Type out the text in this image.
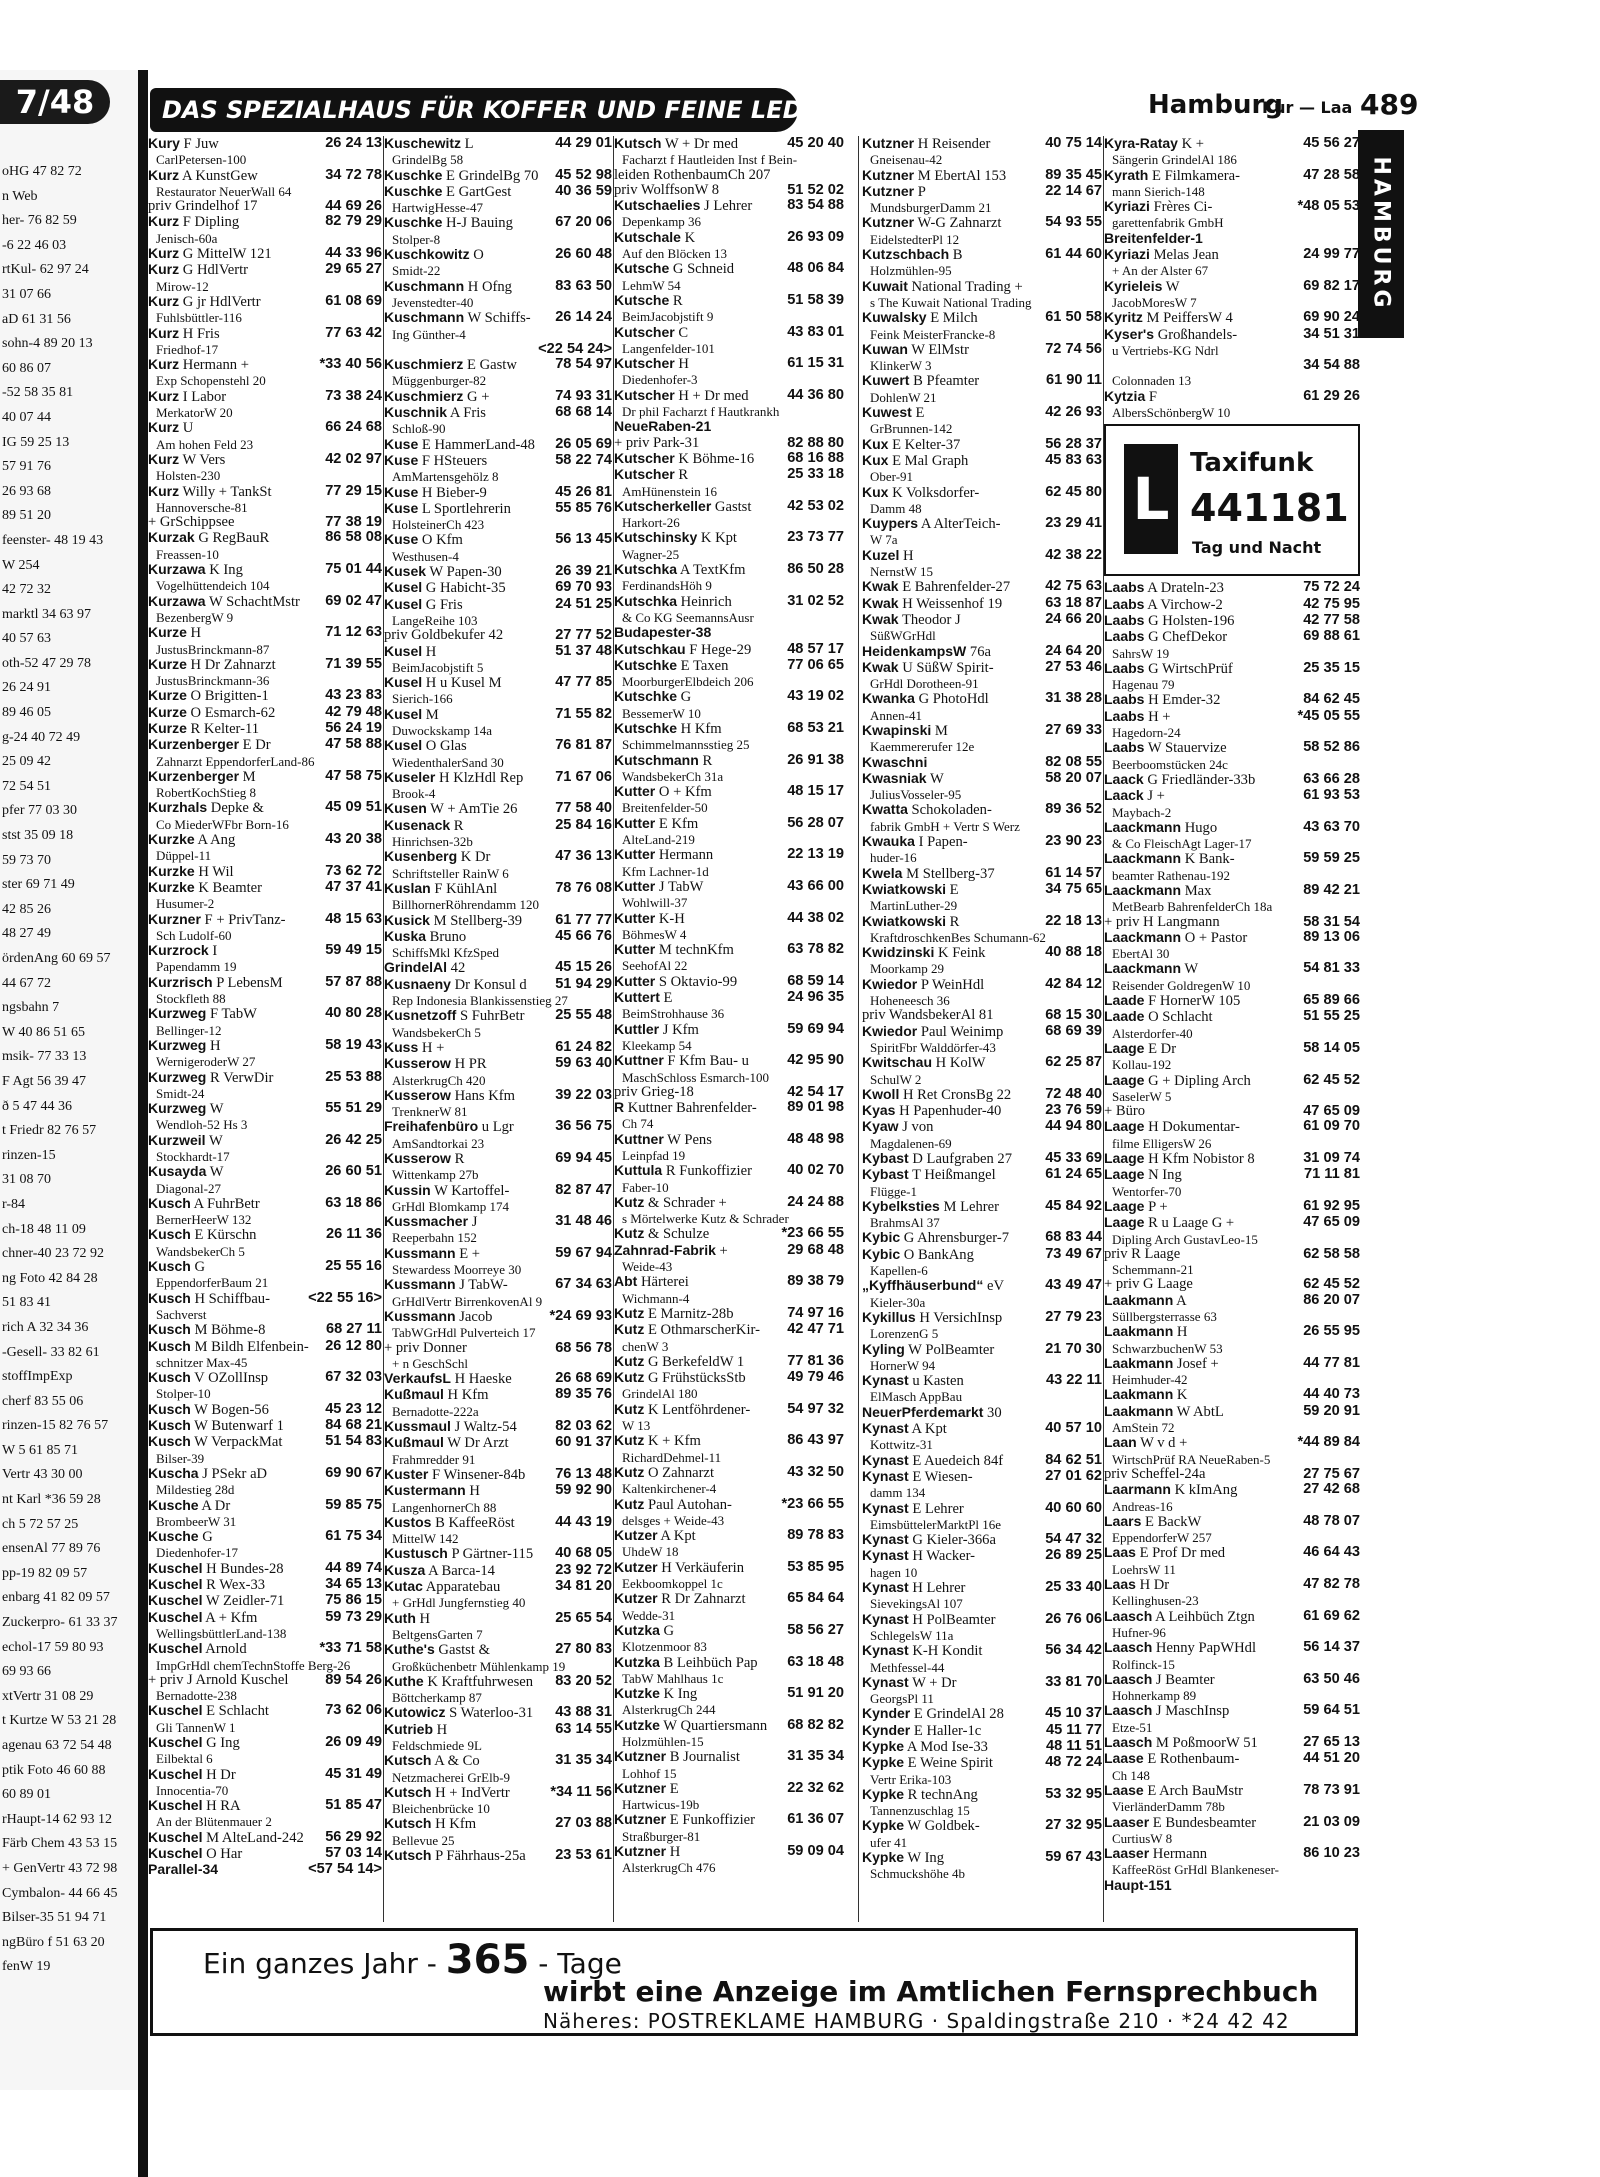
7/48
oHG 47 82 72
n Web
her- 76 82 59
-6 22 46 03
rtKul- 62 97 24
31 07 66
aD 61 31 56
sohn-4 89 20 13
60 86 07
-52 58 35 81
40 07 44
IG 59 25 13
57 91 76
26 93 68
89 51 20
feenster- 48 19 43
W 254
42 72 32
marktl 34 63 97
40 57 63
oth-52 47 29 78
26 24 91
89 46 05
g-24 40 72 49
25 09 42
72 54 51
pfer 77 03 30
stst 35 09 18
59 73 70
ster 69 71 49
42 85 26
48 27 49
ördenAng 60 69 57
44 67 72
ngsbahn 7
W 40 86 51 65
msik- 77 33 13
F Agt 56 39 47
ð 5 47 44 36
t Friedr 82 76 57
rinzen-15
31 08 70
r-84
ch-18 48 11 09
chner-40 23 72 92
ng Foto 42 84 28
51 83 41
rich A 32 34 36
-Gesell- 33 82 61
stoffImpExp
cherf 83 55 06
rinzen-15 82 76 57
W 5 61 85 71
Vertr 43 30 00
nt Karl *36 59 28
ch 5 72 57 25
ensenAl 77 89 76
pp-19 82 09 57
enbarg 41 82 09 57
Zuckerpro- 61 33 37
echol-17 59 80 93
69 93 66
xtVertr 31 08 29
t Kurtze W 53 21 28
agenau 63 72 54 48
ptik Foto 46 60 88
60 89 01
rHaupt-14 62 93 12
Färb Chem 43 53 15
+ GenVertr 43 72 98
Cymbalon- 44 66 45
Bilser-35 51 94 71
ngBüro f 51 63 20
fenW 19
DAS SPEZIALHAUS FÜR KOFFER UND FEINE LEDERWAREN	Hamburg
Kur — Laa 489
HAMBURG
Kury F Juw	26 24 13
CarlPetersen-100
Kurz A KunstGew	34 72 78
Restaurator NeuerWall 64
priv Grindelhof 17	44 69 26
Kurz F Dipling	82 79 29
Jenisch-60a
Kurz G MittelW 121	44 33 96
Kurz G HdlVertr	29 65 27
Mirow-12
Kurz G jr HdlVertr	61 08 69
Fuhlsbüttler-116
Kurz H Fris	77 63 42
Friedhof-17
Kurz Hermann +	*33 40 56
Exp Schopenstehl 20
Kurz I Labor	73 38 24
MerkatorW 20
Kurz U	66 24 68
Am hohen Feld 23
Kurz W Vers	42 02 97
Holsten-230
Kurz Willy + TankSt	77 29 15
Hannoversche-81
+ GrSchippsee	77 38 19
Kurzak G RegBauR	86 58 08
Freassen-10
Kurzawa K Ing	75 01 44
Vogelhüttendeich 104
Kurzawa W SchachtMstr 69 02 47
BezenbergW 9
Kurze H	71 12 63
JustusBrinckmann-87
Kurze H Dr Zahnarzt	71 39 55
JustusBrinckmann-36
Kurze O Brigitten-1	43 23 83
Kurze O Esmarch-62	42 79 48
Kurze R Kelter-11	56 24 19
Kurzenberger E Dr	47 58 88
Zahnarzt EppendorferLand-86
Kurzenberger M	47 58 75
RobertKochStieg 8
Kurzhals Depke &	45 09 51
Co MiederWFbr Born-16
Kurzke A Ang	43 20 38
Düppel-11
Kurzke H Wil	73 62 72
Kurzke K Beamter	47 37 41
Husumer-2
Kurzner F + PrivTanz-	48 15 63
Sch Ludolf-60
Kurzrock I	59 49 15
Papendamm 19
Kurzrisch P LebensM	57 87 88
Stockfleth 88
Kurzweg F TabW	40 80 28
Bellinger-12
Kurzweg H	58 19 43
WernigeroderW 27
Kurzweg R VerwDir	25 53 88
Smidt-24
Kurzweg W	55 51 29
Wendloh-52 Hs 3
Kurzweil W	26 42 25
Stockhardt-17
Kusayda W	26 60 51
Diagonal-27
Kusch A FuhrBetr	63 18 86
BernerHeerW 132
Kusch E Kürschn	26 11 36
WandsbekerCh 5
Kusch G	25 55 16
EppendorferBaum 21
Kusch H Schiffbau-	<22 55 16>
Sachverst
Kusch M Böhme-8	68 27 11
Kusch M Bildh Elfenbein- 26 12 80
schnitzer Max-45
Kusch V OZollInsp	67 32 03
Stolper-10
Kusch W Bogen-56	45 23 12
Kusch W Butenwarf 1	84 68 21
Kusch W VerpackMat	51 54 83
Bilser-39
Kuscha J PSekr aD	69 90 67
Mildestieg 28d
Kusche A Dr	59 85 75
BrombeerW 31
Kusche G	61 75 34
Diedenhofer-17
Kuschel H Bundes-28	44 89 74
Kuschel R Wex-33	34 65 13
Kuschel W Zeidler-71	75 86 15
Kuschel A + Kfm	59 73 29
WellingsbüttlerLand-138
Kuschel Arnold	*33 71 58
ImpGrHdl chemTechnStoffe Berg-26
+ priv J Arnold Kuschel	89 54 26
Bernadotte-238
Kuschel E Schlacht	73 62 06
Gli TannenW 1
Kuschel G Ing	26 09 49
Eilbektal 6
Kuschel H Dr	45 31 49
Innocentia-70
Kuschel H RA	51 85 47
An der Blütenmauer 2
Kuschel M AlteLand-242 56 29 92
Kuschel O Har	57 03 14
Parallel-34	<57 54 14>
Kuschewitz L	44 29 01
GrindelBg 58
Kuschke E GrindelBg 70 45 52 98
Kuschke E GartGest	40 36 59
HartwigHesse-47
Kuschke H-J Bauing	67 20 06
Stolper-8
Kuschkowitz O	26 60 48
Smidt-22
Kuschmann H Ofng	83 63 50
Jevenstedter-40
Kuschmann W Schiffs- 26 14 24
Ing Günther-4
<22 54 24>
Kuschmierz E Gastw	78 54 97
Müggenburger-82
Kuschmierz G +	74 93 31
Kuschnik A Fris	68 68 14
Schloß-90
Kuse E HammerLand-48 26 05 69
Kuse F HSteuers	58 22 74
AmMartensgehölz 8
Kuse H Bieber-9	45 26 81
Kuse L Sportlehrerin	55 85 76
HolsteinerCh 423
Kuse O Kfm	56 13 45
Westhusen-4
Kusek W Papen-30	26 39 21
Kusel G Habicht-35	69 70 93
Kusel G Fris	24 51 25
LangeReihe 103
priv Goldbekufer 42	27 77 52
Kusel H	51 37 48
BeimJacobjstift 5
Kusel H u Kusel M	47 77 85
Sierich-166
Kusel M	71 55 82
Duwockskamp 14a
Kusel O Glas	76 81 87
WiedenthalerSand 30
Kuseler H KlzHdl Rep 71 67 06
Brook-4
Kusen W + AmTie 26	77 58 40
Kusenack R	25 84 16
Hinrichsen-32b
Kusenberg K Dr	47 36 13
Schriftsteller RainW 6
Kuslan F KühlAnl	78 76 08
BillhornerRöhrendamm 120
Kusick M Stellberg-39 61 77 77
Kuska Bruno	45 66 76
SchiffsMkl KfzSped
GrindelAl 42	45 15 26
Kusnaeny Dr Konsul d 51 94 29
Rep Indonesia Blankissenstieg 27
Kusnetzoff S FuhrBetr 25 55 48
WandsbekerCh 5
Kuss H +	61 24 82
Kusserow H PR	59 63 40
AlsterkrugCh 420
Kusserow Hans Kfm	39 22 03
TrenknerW 81
Freihafenbüro u Lgr	36 56 75
AmSandtorkai 23
Kusserow R	69 94 45
Wittenkamp 27b
Kussin W Kartoffel-	82 87 47
GrHdl Blomkamp 174
Kussmacher J	31 48 46
Reeperbahn 152
Kussmann E +	59 67 94
Stewardess Moorreye 30
Kussmann J TabW-	67 34 63
GrHdlVertr BirrenkovenAl 9
Kussmann Jacob	*24 69 93
TabWGrHdl Pulverteich 17
+ priv Donner	68 56 78
+ n GeschSchl
VerkaufsL H Haeske	26 68 69
Kußmaul H Kfm	89 35 76
Bernadotte-222a
Kussmaul J Waltz-54	82 03 62
Kußmaul W Dr Arzt	60 91 37
Frahmredder 91
Kuster F Winsener-84b 76 13 48
Kustermann H	59 92 90
LangenhornerCh 88
Kustos B KaffeeRöst	44 43 19
MittelW 142
Kustusch P Gärtner-115 40 68 05
Kusza A Barca-14	23 92 72
Kutac Apparatebau	34 81 20
+ GrHdl Jungfernstieg 40
Kuth H	25 65 54
BeltgensGarten 7
Kuthe's Gastst &	27 80 83
Großküchenbetr Mühlenkamp 19
Kuthe K Kraftfuhrwesen 83 20 52
Böttcherkamp 87
Kutowicz S Waterloo-31 43 88 31
Kutrieb H	63 14 55
Feldschmiede 9L
Kutsch A & Co	31 35 34
Netzmacherei GrElb-9
Kutsch H + IndVertr	*34 11 56
Bleichenbrücke 10
Kutsch H Kfm	27 03 88
Bellevue 25
Kutsch P Fährhaus-25a 23 53 61
Kutsch W + Dr med	45 20 40
Facharzt f Hautleiden Inst f Bein-
leiden RothenbaumCh 207
priv WolffsonW 8	51 52 02
Kutschaelies J Lehrer 83 54 88
Depenkamp 36
Kutschale K	26 93 09
Auf den Blöcken 13
Kutsche G Schneid	48 06 84
LehmW 54
Kutsche R	51 58 39
BeimJacobjstift 9
Kutscher C	43 83 01
Langenfelder-101
Kutscher H	61 15 31
Diedenhofer-3
Kutscher H + Dr med	44 36 80
Dr phil Facharzt f Hautkrankh
NeueRaben-21
+ priv Park-31	82 88 80
Kutscher K Böhme-16 68 16 88
Kutscher R	25 33 18
AmHünenstein 16
Kutscherkeller Gastst 42 53 02
Harkort-26
Kutschinsky K Kpt	23 73 77
Wagner-25
Kutschka A TextKfm	86 50 28
FerdinandsHöh 9
Kutschka Heinrich	31 02 52
& Co KG SeemannsAusr
Budapester-38
Kutschkau F Hege-29 48 57 17
Kutschke E Taxen	77 06 65
MoorburgerElbdeich 206
Kutschke G	43 19 02
BessemerW 10
Kutschke H Kfm	68 53 21
Schimmelmannsstieg 25
Kutschmann R	26 91 38
WandsbekerCh 31a
Kutter O + Kfm	48 15 17
Breitenfelder-50
Kutter E Kfm	56 28 07
AlteLand-219
Kutter Hermann	22 13 19
Kfm Lachner-1d
Kutter J TabW	43 66 00
Wohlwill-37
Kutter K-H	44 38 02
BöhmesW 4
Kutter M technKfm	63 78 82
SeehofAl 22
Kutter S Oktavio-99	68 59 14
Kuttert E	24 96 35
BeimStrohhause 36
Kuttler J Kfm	59 69 94
Kleekamp 54
Kuttner F Kfm Bau- u	42 95 90
MaschSchloss Esmarch-100
priv Grieg-18	42 54 17
R Kuttner Bahrenfelder- 89 01 98
Ch 74
Kuttner W Pens	48 48 98
Leinpfad 19
Kuttula R Funkoffizier 40 02 70
Faber-10
Kutz & Schrader +	24 24 88
s Mörtelwerke Kutz & Schrader
Kutz & Schulze	*23 66 55
Zahnrad-Fabrik +	29 68 48
Weide-43
Abt Härterei	89 38 79
Wichmann-4
Kutz E Marnitz-28b	74 97 16
Kutz E OthmarscherKir- 42 47 71
chenW 3
Kutz G BerkefeldW 1	77 81 36
Kutz G FrühstücksStb	49 79 46
GrindelAl 180
Kutz K Lentföhrdener-	54 97 32
W 13
Kutz K + Kfm	86 43 97
RichardDehmel-11
Kutz O Zahnarzt	43 32 50
Kaltenkirchener-4
Kutz Paul Autohan-	*23 66 55
delsges + Weide-43
Kutzer A Kpt	89 78 83
UhdeW 18
Kutzer H Verkäuferin	53 85 95
Eekboomkoppel 1c
Kutzer R Dr Zahnarzt	65 84 64
Wedde-31
Kutzka G	58 56 27
Klotzenmoor 83
Kutzka B Leihbüch Pap 63 18 48
TabW Mahlhaus 1c
Kutzke K Ing	51 91 20
AlsterkrugCh 244
Kutzke W Quartiersmann 68 82 82
Holzmühlen-15
Kutzner B Journalist	31 35 34
Lohhof 15
Kutzner E	22 32 62
Hartwicus-19b
Kutzner E Funkoffizier 61 36 07
Straßburger-81
Kutzner H	59 09 04
AlsterkrugCh 476
Kutzner H Reisender	40 75 14
Gneisenau-42
Kutzner M EbertAl 153	89 35 45
Kutzner P	22 14 67
MundsburgerDamm 21
Kutzner W-G Zahnarzt	54 93 55
EidelstedterPl 12
Kutzschbach B	61 44 60
Holzmühlen-95
Kuwait National Trading +
s The Kuwait National Trading
Kuwalsky E Milch	61 50 58
Feink MeisterFrancke-8
Kuwan W ElMstr	72 74 56
KlinkerW 3
Kuwert B Pfeamter	61 90 11
DohlenW 21
Kuwest E	42 26 93
GrBrunnen-142
Kux E Kelter-37	56 28 37
Kux E Mal Graph	45 83 63
Ober-91
Kux K Volksdorfer-	62 45 80
Damm 48
Kuypers A AlterTeich-	23 29 41
W 7a
Kuzel H	42 38 22
NernstW 15
Kwak E Bahrenfelder-27 42 75 63
Kwak H Weissenhof 19	63 18 87
Kwak Theodor J	24 66 20
SüßWGrHdl
HeidenkampsW 76a	24 64 20
Kwak U SüßW Spirit-	27 53 46
GrHdl Dorotheen-91
Kwanka G PhotoHdl	31 38 28
Annen-41
Kwapinski M	27 69 33
Kaemmererufer 12e
Kwaschni	82 08 55
Kwasniak W	58 20 07
JuliusVosseler-95
Kwatta Schokoladen-	89 36 52
fabrik GmbH + Vertr S Werz
Kwauka I Papen-	23 90 23
huder-16
Kwela M Stellberg-37	61 14 57
Kwiatkowski E	34 75 65
MartinLuther-29
Kwiatkowski R	22 18 13
KraftdroschkenBes Schumann-62
Kwidzinski K Feink	40 88 18
Moorkamp 29
Kwiedor P WeinHdl	42 84 12
Hoheneesch 36
priv WandsbekerAl 81	68 15 30
Kwiedor Paul Weinimp	68 69 39
SpiritFbr Walddörfer-43
Kwitschau H KolW	62 25 87
SchulW 2
Kwoll H Ret CronsBg 22 72 48 40
Kyas H Papenhuder-40	23 76 59
Kyaw J von	44 94 80
Magdalenen-69
Kybast D Laufgraben 27 45 33 69
Kybast T Heißmangel	61 24 65
Flügge-1
Kybelksties M Lehrer	45 84 92
BrahmsAl 37
Kybic G Ahrensburger-7 68 83 44
Kybic O BankAng	73 49 67
Kapellen-6
„Kyffhäuserbund“ eV	43 49 47
Kieler-30a
Kykillus H VersichInsp	27 79 23
LorenzenG 5
Kyling W PolBeamter	21 70 30
HornerW 94
Kynast u Kasten	43 22 11
ElMasch AppBau
NeuerPferdemarkt 30
Kynast A Kpt	40 57 10
Kottwitz-31
Kynast E Auedeich 84f	84 62 51
Kynast E Wiesen-	27 01 62
damm 134
Kynast E Lehrer	40 60 60
EimsbüttelerMarktPl 16e
Kynast G Kieler-366a	54 47 32
Kynast H Wacker-	26 89 25
hagen 10
Kynast H Lehrer	25 33 40
SievekingsAl 107
Kynast H PolBeamter	26 76 06
SchlegelsW 11a
Kynast K-H Kondit	56 34 42
Methfessel-44
Kynast W + Dr	33 81 70
GeorgsPl 11
Kynder E GrindelAl 28	45 10 37
Kynder E Haller-1c	45 11 77
Kypke A Mod Ise-33	48 11 51
Kypke E Weine Spirit	48 72 24
Vertr Erika-103
Kypke R technAng	53 32 95
Tannenzuschlag 15
Kypke W Goldbek-	27 32 95
ufer 41
Kypke W Ing	59 67 43
Schmuckshöhe 4b
Kyra-Ratay K +	45 56 27
Sängerin GrindelAl 186
Kyrath E Filmkamera-	47 28 58
mann Sierich-148
Kyriazi Frères Ci-	*48 05 53
garettenfabrik GmbH
Breitenfelder-1
Kyriazi Melas Jean	24 99 77
+ An der Alster 67
Kyrieleis W	69 82 17
JacobMoresW 7
Kyritz M PeiffersW 4	69 90 24
Kyser's Großhandels-	34 51 31
u Vertriebs-KG Ndrl
34 54 88
Colonnaden 13
Kytzia F	61 29 26
AlbersSchönbergW 10
Laabs A Drateln-23	75 72 24
Laabs A Virchow-2	42 75 95
Laabs G Holsten-196	42 77 58
Laabs G ChefDekor	69 88 61
SahrsW 19
Laabs G WirtschPrüf	25 35 15
Hagenau 79
Laabs H Emder-32	84 62 45
Laabs H +	*45 05 55
Hagedorn-24
Laabs W Stauervize	58 52 86
Beerboomstücken 24c
Laack G Friedländer-33b	63 66 28
Laack J +	61 93 53
Maybach-2
Laackmann Hugo	43 63 70
& Co FleischAgt Lager-17
Laackmann K Bank-	59 59 25
beamter Rathenau-192
Laackmann Max	89 42 21
MetBearb BahrenfelderCh 18a
+ priv H Langmann	58 31 54
Laackmann O + Pastor	89 13 06
EbertAl 30
Laackmann W	54 81 33
Reisender GoldregenW 10
Laade F HornerW 105	65 89 66
Laade O Schlacht	51 55 25
Alsterdorfer-40
Laage E Dr	58 14 05
Kollau-192
Laage G + Dipling Arch	62 45 52
SaselerW 5
+ Büro	47 65 09
Laage H Dokumentar-	61 09 70
filme ElligersW 26
Laage H Kfm Nobistor 8	31 09 74
Laage N Ing	71 11 81
Wentorfer-70
Laage P +	61 92 95
Laage R u Laage G +	47 65 09
Dipling Arch GustavLeo-15
priv R Laage	62 58 58
Schemmann-21
+ priv G Laage	62 45 52
Laakmann A	86 20 07
Süllbergsterrasse 63
Laakmann H	26 55 95
SchwarzbuchenW 53
Laakmann Josef +	44 77 81
Heimhuder-42
Laakmann K	44 40 73
Laakmann W AbtL	59 20 91
AmStein 72
Laan W v d +	*44 89 84
WirtschPrüf RA NeueRaben-5
priv Scheffel-24a	27 75 67
Laarmann K kImAng	27 42 68
Andreas-16
Laars E BackW	48 78 07
EppendorferW 257
Laas E Prof Dr med	46 64 43
LoehrsW 11
Laas H Dr	47 82 78
Kellinghusen-23
Laasch A Leihbüch Ztgn	61 69 62
Hufner-96
Laasch Henny PapWHdl	56 14 37
Rolfinck-15
Laasch J Beamter	63 50 46
Hohnerkamp 89
Laasch J MaschInsp	59 64 51
Etze-51
Laasch M PoßmoorW 51	27 65 13
Laase E Rothenbaum-	44 51 20
Ch 148
Laase E Arch BauMstr	78 73 91
VierländerDamm 78b
Laaser E Bundesbeamter	21 03 09
CurtiusW 8
Laaser Hermann	86 10 23
KaffeeRöst GrHdl Blankeneser-
Haupt-151
L
Taxifunk
441181
Tag und Nacht
Ein ganzes Jahr - 365 - Tage
wirbt eine Anzeige im Amtlichen Fernsprechbuch
Näheres: POSTREKLAME HAMBURG · Spaldingstraße 210 · *24 42 42
